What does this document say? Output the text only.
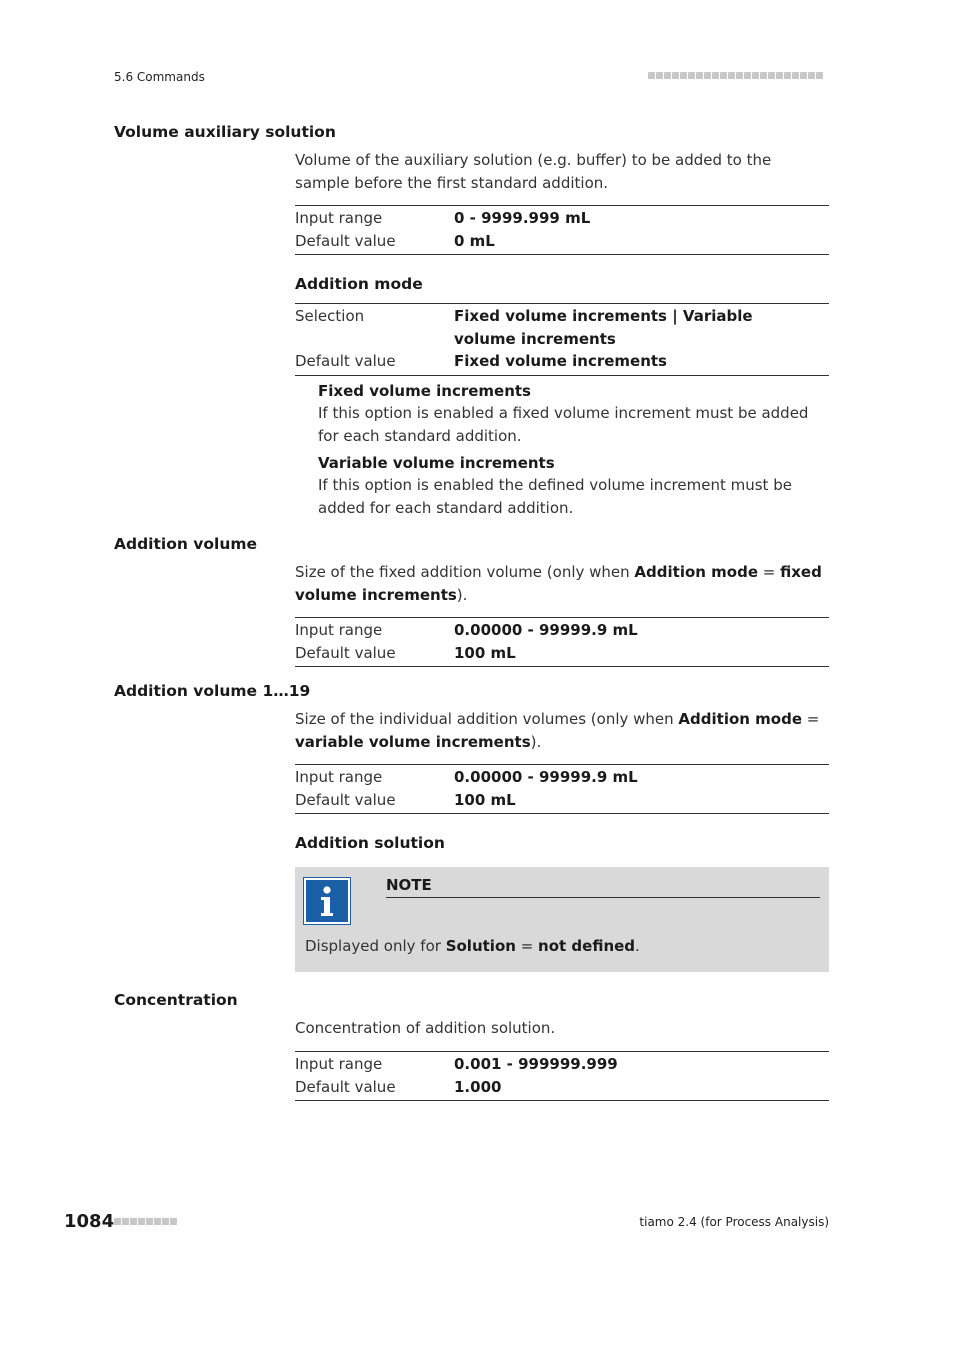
5.6 Commands
Volume auxiliary solution
Volume of the auxiliary solution (e.g. buffer) to be added to the sample before the first standard addition.
Input range	0 - 9999.999 mL
Default value	0 mL
Addition mode
Selection	Fixed volume increments | Variable volume increments
Default value	Fixed volume increments
Fixed volume increments
If this option is enabled a fixed volume increment must be added for each standard addition.
Variable volume increments
If this option is enabled the defined volume increment must be added for each standard addition.
Addition volume
Size of the fixed addition volume (only when Addition mode = fixed volume increments).
Input range	0.00000 - 99999.9 mL
Default value	100 mL
Addition volume 1…19
Size of the individual addition volumes (only when Addition mode = variable volume increments).
Input range	0.00000 - 99999.9 mL
Default value	100 mL
Addition solution
NOTE
Displayed only for Solution = not defined.
Concentration
Concentration of addition solution.
Input range	0.001 - 999999.999
Default value	1.000
1084	tiamo 2.4 (for Process Analysis)
